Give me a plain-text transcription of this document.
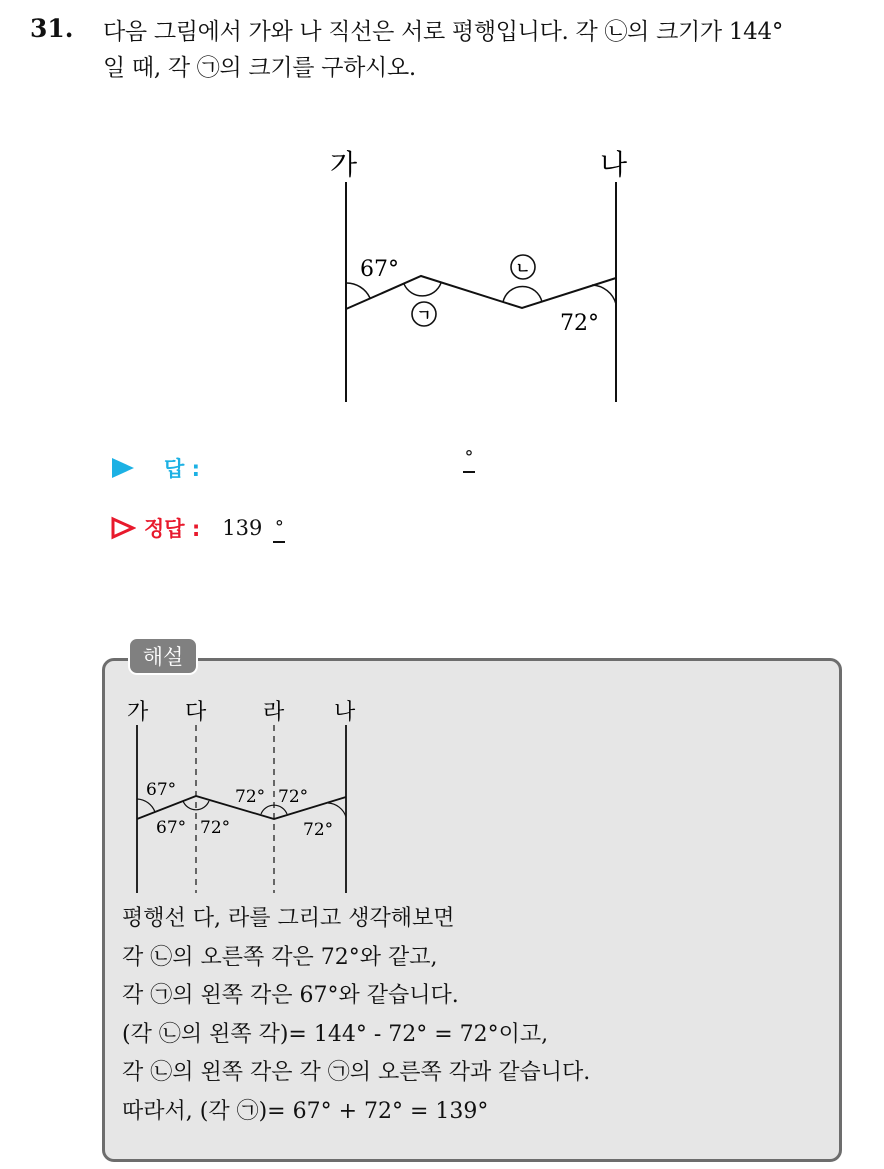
31. 다음 그림에서 가와 나 직선은 서로 평행입니다. 각 ㉡의 크기가 144°
일 때, 각 ㉠의 크기를 구하시오.
가	나
67°
72°
ㄱ
ㄴ
답 :	°
정답 : 139 °
해설
가 다	라 나
67°
67° 72°
72° 72°
72°
평행선 다, 라를 그리고 생각해보면
각 ㉡의 오른쪽 각은 72°와 같고,
각 ㉠의 왼쪽 각은 67°와 같습니다.
(각 ㉡의 왼쪽 각)= 144° - 72° = 72°이고,
각 ㉡의 왼쪽 각은 각 ㉠의 오른쪽 각과 같습니다.
따라서, (각 ㉠)= 67° + 72° = 139°
